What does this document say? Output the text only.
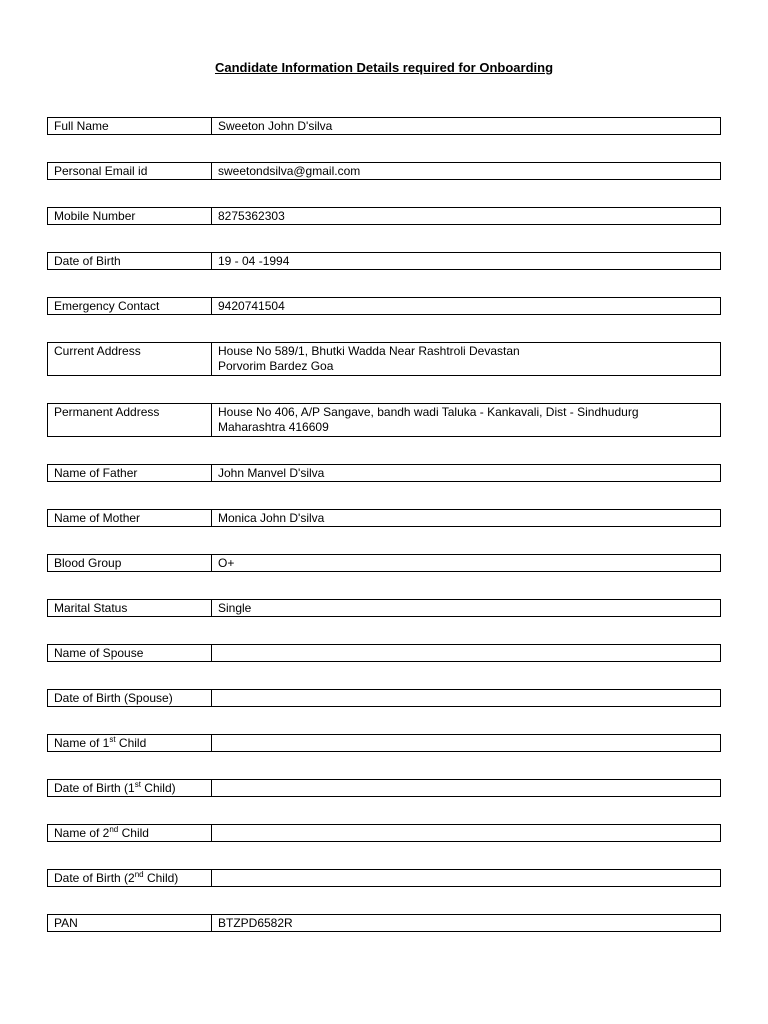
Candidate Information Details required for Onboarding
Full Name	Sweeton John D'silva
Personal Email id	sweetondsilva@gmail.com
Mobile Number	8275362303
Date of Birth	19 - 04 -1994
Emergency Contact	9420741504
Current Address	House No 589/1, Bhutki Wadda Near Rashtroli Devastan
Porvorim Bardez Goa
Permanent Address	House No 406, A/P Sangave, bandh wadi Taluka - Kankavali, Dist - Sindhudurg
Maharashtra 416609
Name of Father	John Manvel D'silva
Name of Mother	Monica John D'silva
Blood Group	O+
Marital Status	Single
Name of Spouse
Date of Birth (Spouse)
Name of 1st Child
Date of Birth (1st Child)
Name of 2nd Child
Date of Birth (2nd Child)
PAN	BTZPD6582R
